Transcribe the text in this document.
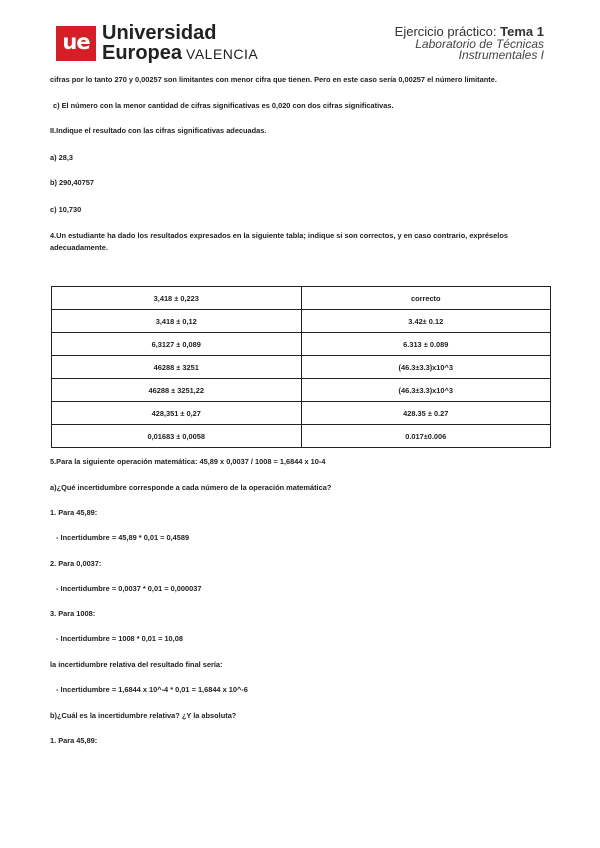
ue Universidad
Europea VALENCIA
Ejercicio práctico: Tema 1
Laboratorio de Técnicas
Instrumentales I
cifras por lo tanto 270 y 0,00257 son limitantes con menor cifra que tienen. Pero en este caso sería 0,00257 el número limitante.
c) El número con la menor cantidad de cifras significativas es 0,020 con dos cifras significativas.
II.Indique el resultado con las cifras significativas adecuadas.
a) 28,3
b) 290,40757
c) 10,730
4.Un estudiante ha dado los resultados expresados en la siguiente tabla; indique si son correctos, y en caso contrario, expréselos adecuadamente.
3,418 ± 0,223	correcto
3,418 ± 0,12	3.42± 0.12
6,3127 ± 0,089	6.313 ± 0.089
46288 ± 3251	(46.3±3.3)x10^3
46288 ± 3251,22	(46.3±3.3)x10^3
428,351 ± 0,27	428.35 ± 0.27
0,01683 ± 0,0058	0.017±0.006
5.Para la siguiente operación matemática: 45,89 x 0,0037 / 1008 = 1,6844 x 10-4
a)¿Qué incertidumbre corresponde a cada número de la operación matemática?
1. Para 45,89:
- Incertidumbre = 45,89 * 0,01 = 0,4589
2. Para 0,0037:
- Incertidumbre = 0,0037 * 0,01 = 0,000037
3. Para 1008:
- Incertidumbre = 1008 * 0,01 = 10,08
la incertidumbre relativa del resultado final sería:
- Incertidumbre = 1,6844 x 10^-4 * 0,01 = 1,6844 x 10^-6
b)¿Cuál es la incertidumbre relativa? ¿Y la absoluta?
1. Para 45,89:
